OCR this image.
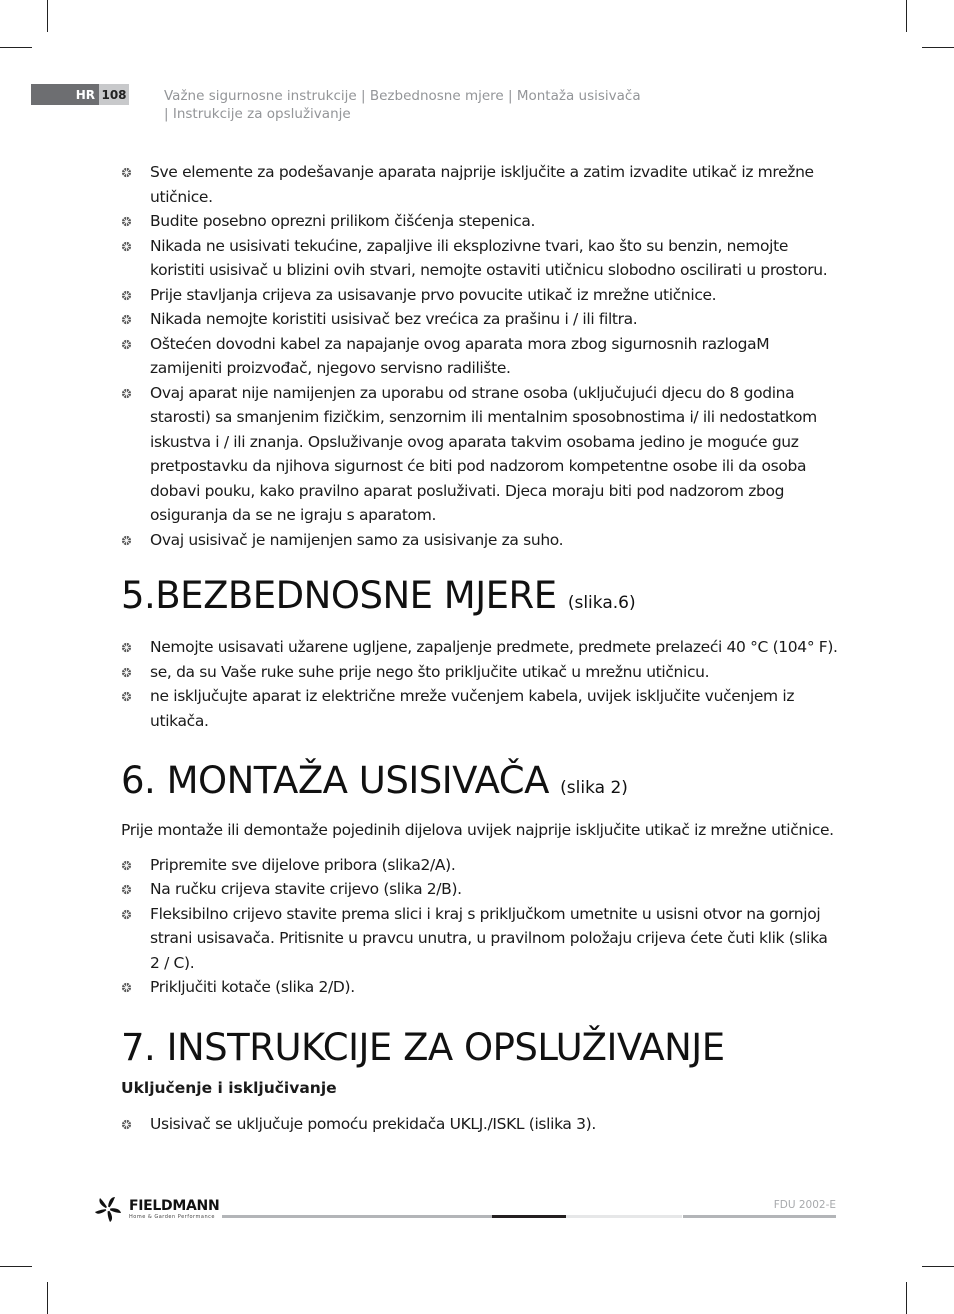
HR 108	Važne sigurnosne instrukcije | Bezbednosne mjere | Montaža usisivača
| Instrukcije za opsluživanje
Sve elemente za podešavanje aparata najprije isključite a zatim izvadite utikač iz mrežne utičnice.
Budite posebno oprezni prilikom čišćenja stepenica.
Nikada ne usisivati tekućine, zapaljive ili eksplozivne tvari, kao što su benzin, nemojte koristiti usisivač u blizini ovih stvari, nemojte ostaviti utičnicu slobodno oscilirati u prostoru.
Prije stavljanja crijeva za usisavanje prvo povucite utikač iz mrežne utičnice.
Nikada nemojte koristiti usisivač bez vrećica za prašinu i / ili filtra.
Oštećen dovodni kabel za napajanje ovog aparata mora zbog sigurnosnih razlogaM zamijeniti proizvođač, njegovo servisno radilište.
Ovaj aparat nije namijenjen za uporabu od strane osoba (uključujući djecu do 8 godina starosti) sa smanjenim fizičkim, senzornim ili mentalnim sposobnostima i/ ili nedostatkom iskustva i / ili znanja. Opsluživanje ovog aparata takvim osobama jedino je moguće guz pretpostavku da njihova sigurnost će biti pod nadzorom kompetentne osobe ili da osoba dobavi pouku, kako pravilno aparat posluživati. Djeca moraju biti pod nadzorom zbog osiguranja da se ne igraju s aparatom.
Ovaj usisivač je namijenjen samo za usisivanje za suho.
5.BEZBEDNOSNE MJERE (slika.6)
Nemojte usisavati užarene ugljene, zapaljenje predmete, predmete prelazeći 40 °C (104° F).
se, da su Vaše ruke suhe prije nego što priključite utikač u mrežnu utičnicu.
ne isključujte aparat iz električne mreže vučenjem kabela, uvijek isključite vučenjem iz utikača.
6. MONTAŽA USISIVAČA (slika 2)

Prije montaže ili demontaže pojedinih dijelova uvijek najprije isključite utikač iz mrežne utičnice.

Pripremite sve dijelove pribora (slika2/A).
Na ručku crijeva stavite crijevo (slika 2/B).
Fleksibilno crijevo stavite prema slici i kraj s priključkom umetnite u usisni otvor na gornjoj strani usisavača. Pritisnite u pravcu unutra, u pravilnom položaju crijeva ćete čuti klik (slika 2 / C).
Priključiti kotače (slika 2/D).
7. INSTRUKCIJE ZA OPSLUŽIVANJE
Uključenje i isključivanje
Usisivač se uključuje pomoću prekidača UKLJ./ISKL (islika 3).
FIELDMANN
Home & Garden Performance
FDU 2002-E
